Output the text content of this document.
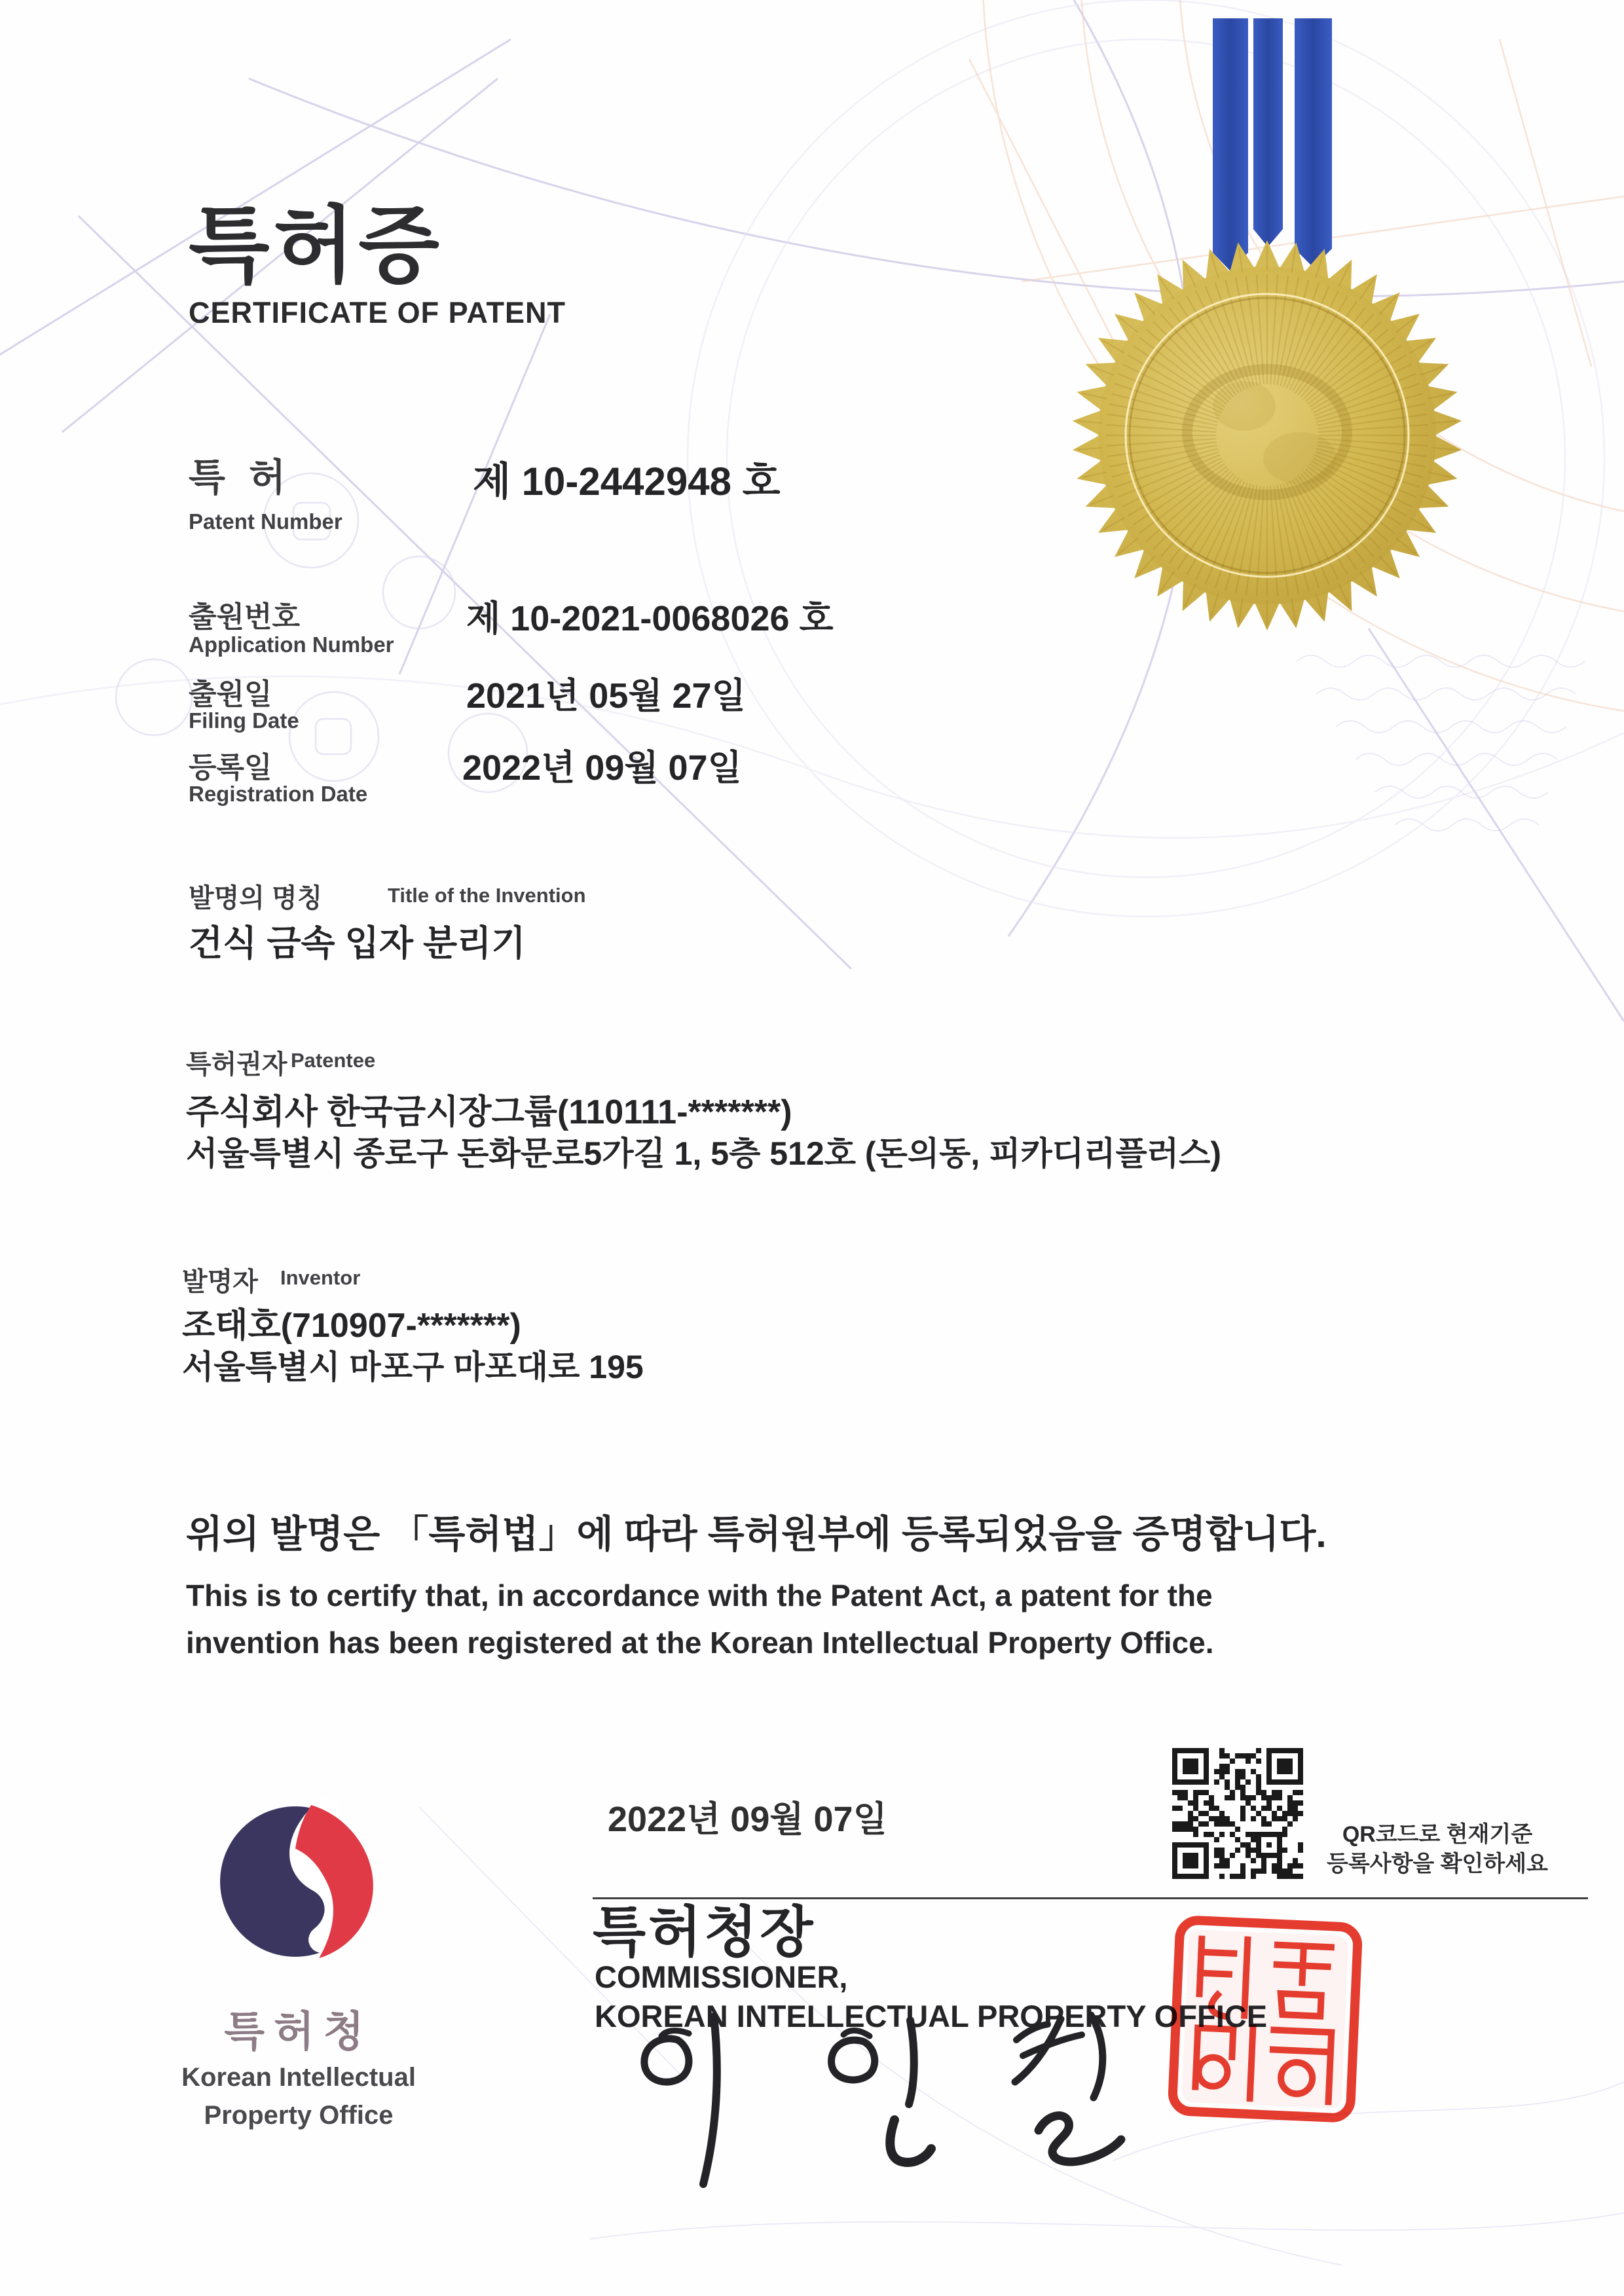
특허증
CERTIFICATE OF PATENT
특 허
Patent Number
제 10-2442948 호
출원번호
Application Number
제 10-2021-0068026 호
출원일
Filing Date
2021년 05월 27일
등록일
Registration Date
2022년 09월 07일
발명의 명칭	Title of the Invention
건식 금속 입자 분리기
특허권자 Patentee
주식회사 한국금시장그룹(110111-*******)
서울특별시 종로구 돈화문로5가길 1, 5층 512호 (돈의동, 피카디리플러스)
발명자 Inventor
조태호(710907-*******)
서울특별시 마포구 마포대로 195
위의 발명은 「특허법」에 따라 특허원부에 등록되었음을 증명합니다.
This is to certify that, in accordance with the Patent Act, a patent for the
invention has been registered at the Korean Intellectual Property Office.
2022년 09월 07일	QR코드로 현재기준
등록사항을 확인하세요
특허청장
COMMISSIONER,
KOREAN INTELLECTUAL PROPERTY OFFICE
특허청
Korean Intellectual
Property Office
